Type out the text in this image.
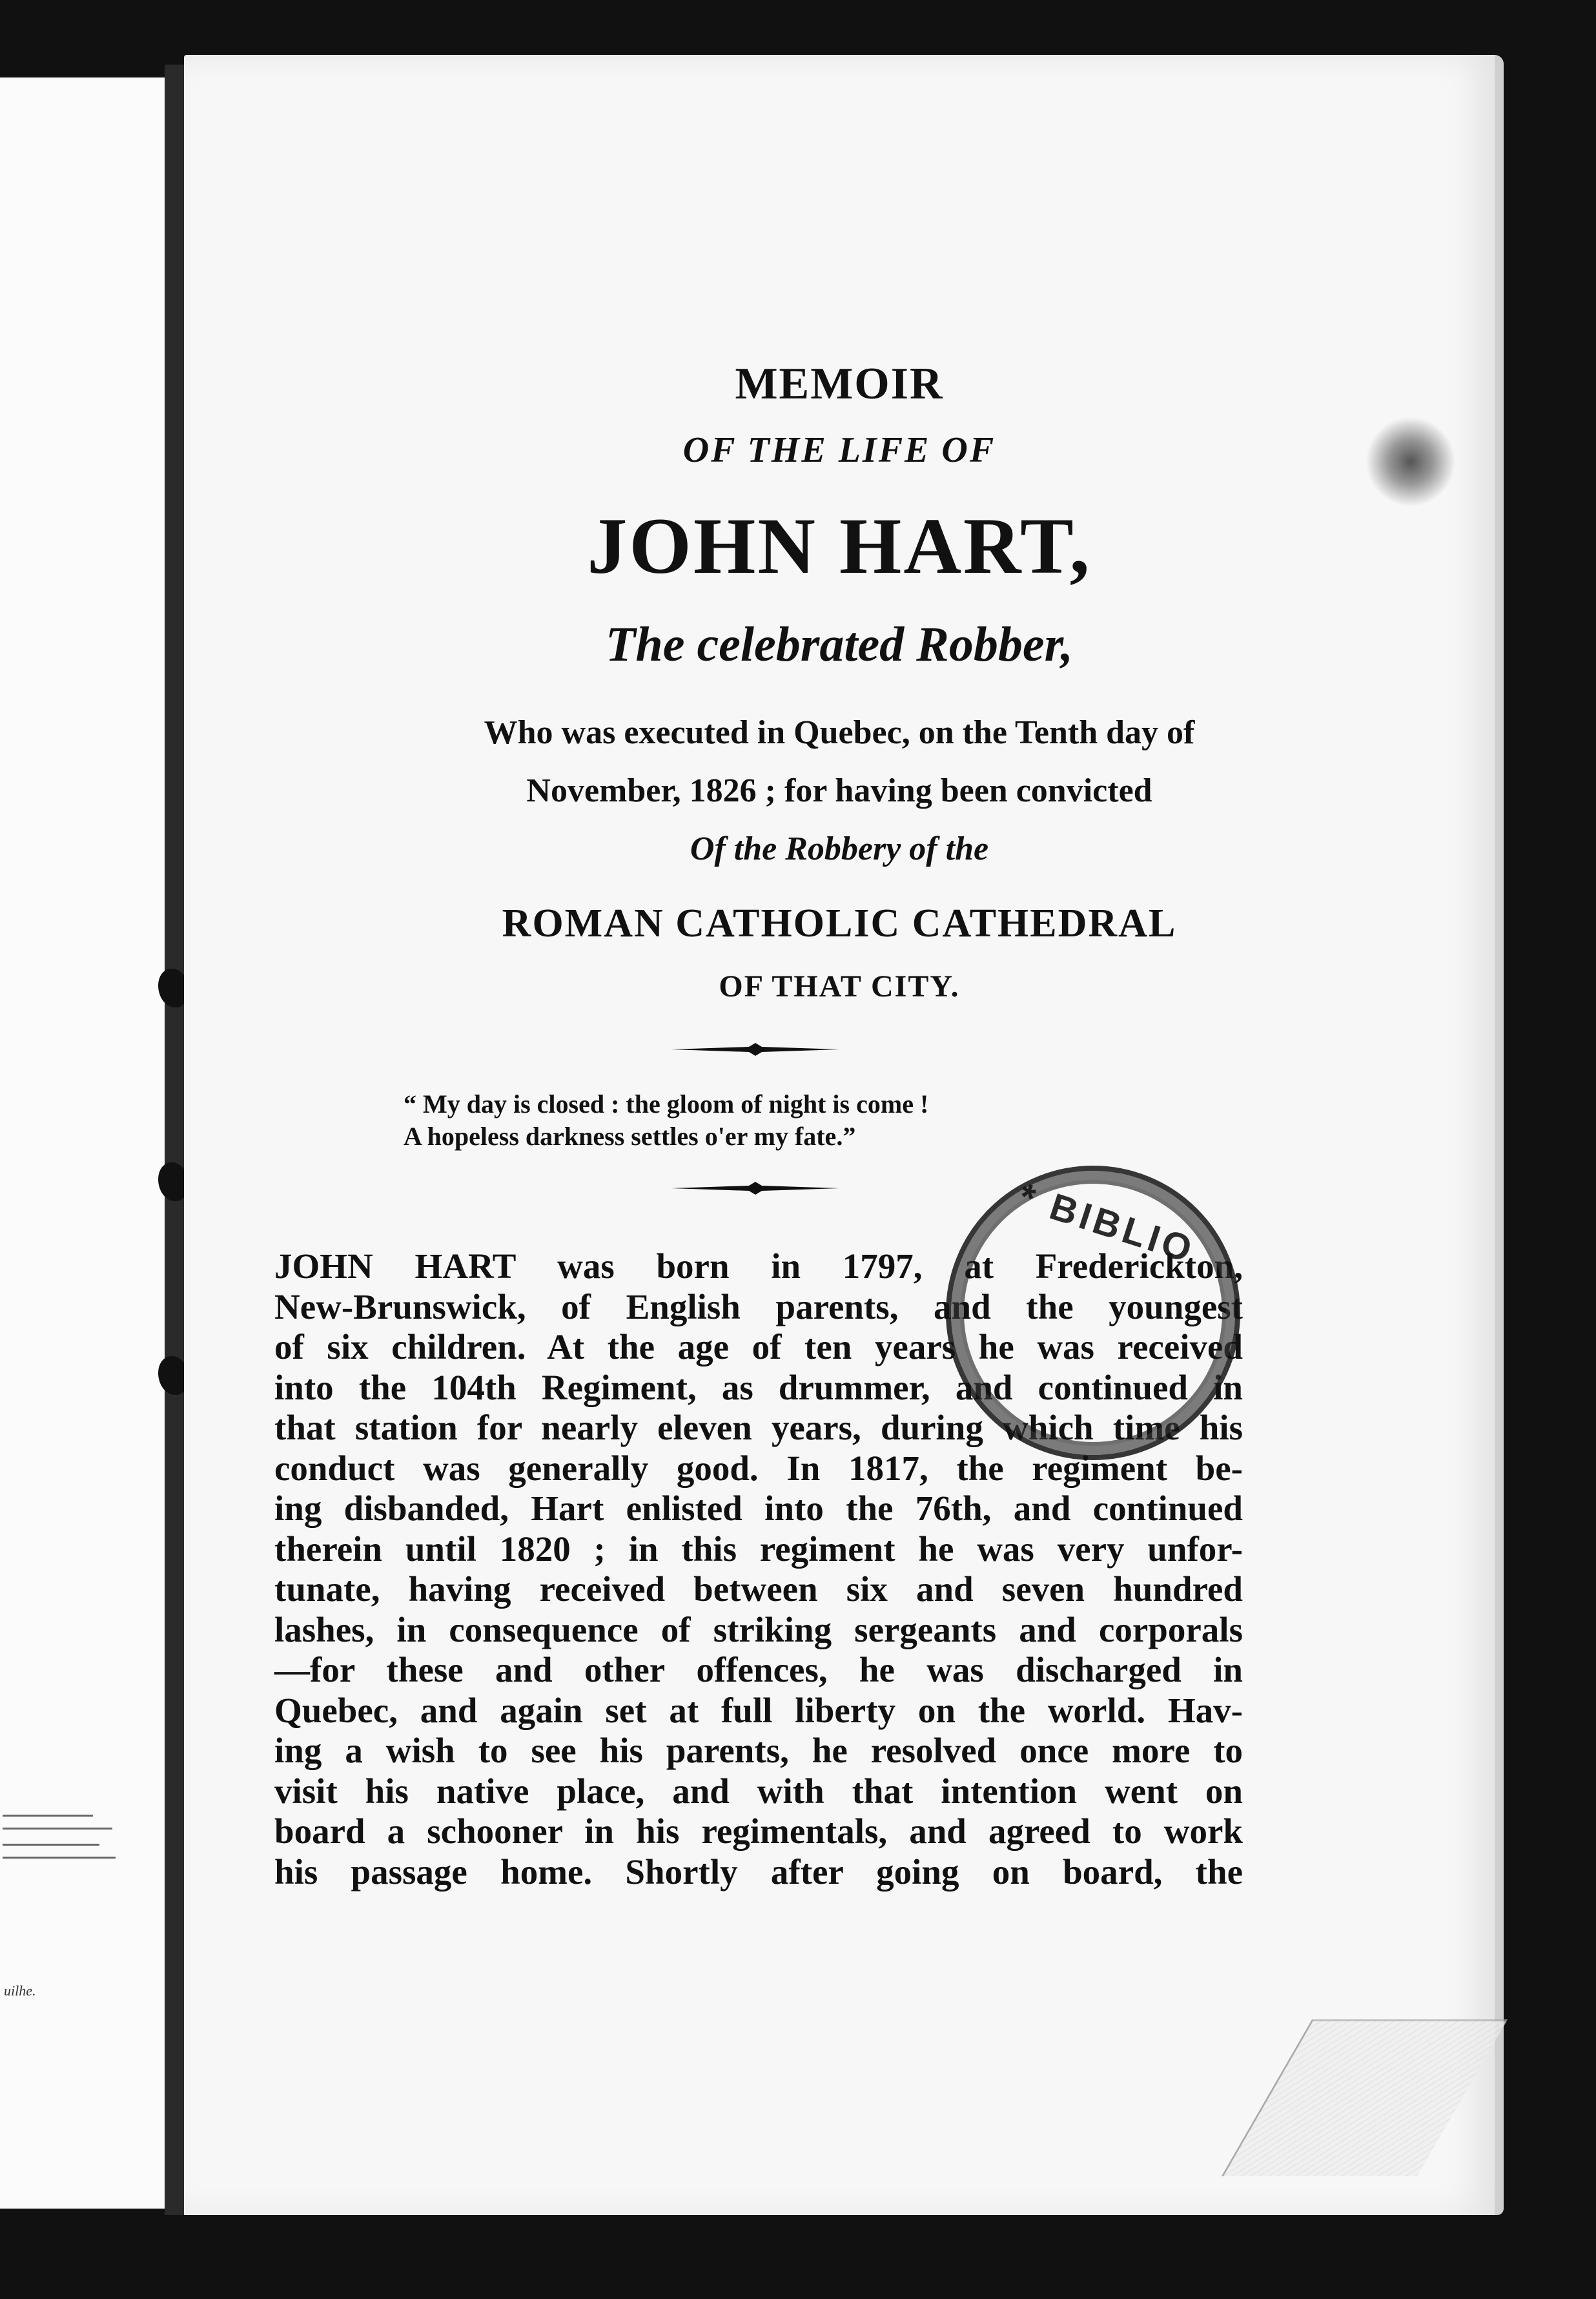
uilhe.
MEMOIR
OF THE LIFE OF
JOHN HART,
The celebrated Robber,
Who was executed in Quebec, on the Tenth day of
November, 1826 ; for having been convicted
Of the Robbery of the
ROMAN CATHOLIC CATHEDRAL
OF THAT CITY.
“ My day is closed : the gloom of night is come !
A hopeless darkness settles o'er my fate.”
JOHN HART was born in 1797, at Frederickton,
New-Brunswick, of English parents, and the youngest
of six children. At the age of ten years he was received
into the 104th Regiment, as drummer, and continued in
that station for nearly eleven years, during which time his
conduct was generally good. In 1817, the regiment be-
ing disbanded, Hart enlisted into the 76th, and continued
therein until 1820 ; in this regiment he was very unfor-
tunate, having received between six and seven hundred
lashes, in consequence of striking sergeants and corporals
—for these and other offences, he was discharged in
Quebec, and again set at full liberty on the world. Hav-
ing a wish to see his parents, he resolved once more to
visit his native place, and with that intention went on
board a schooner in his regimentals, and agreed to work
his passage home. Shortly after going on board, the
* BIBLIO
